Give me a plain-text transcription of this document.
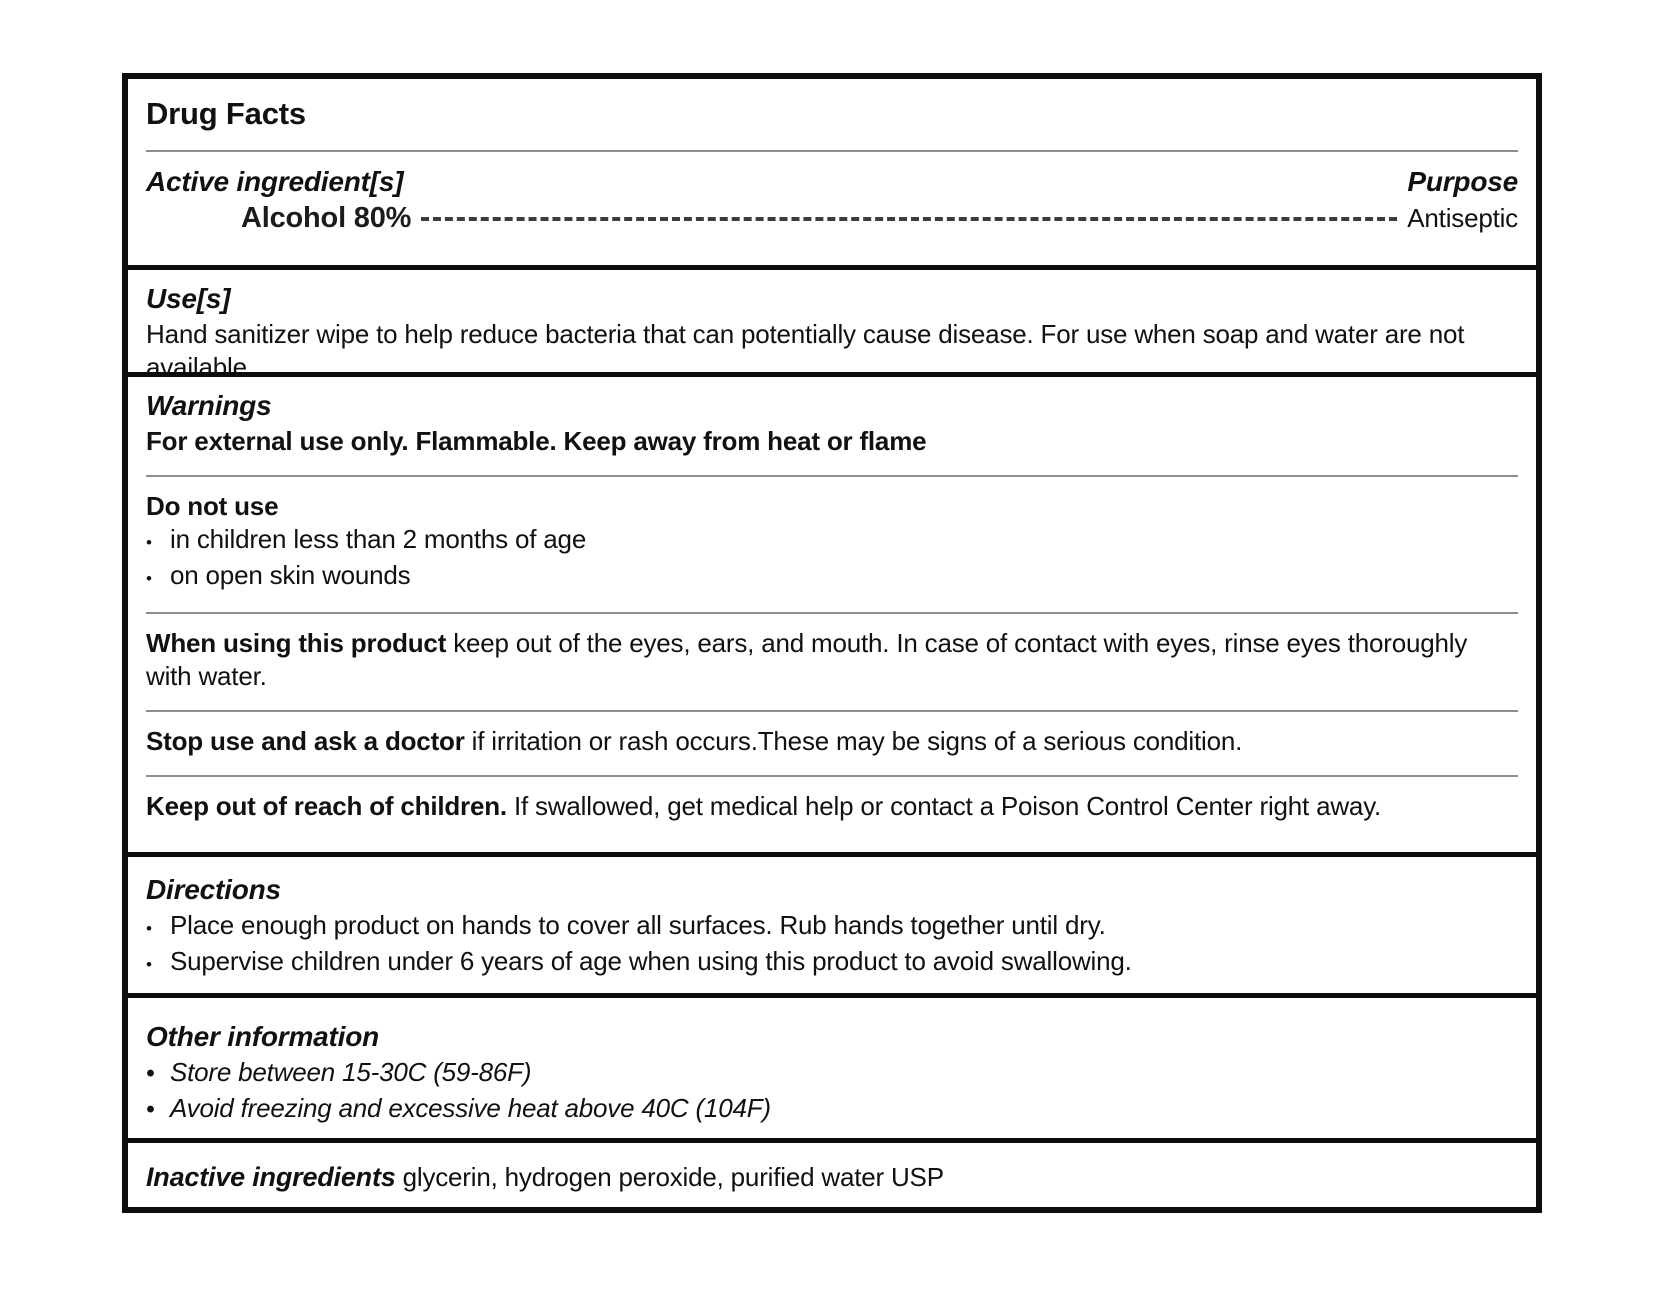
Drug Facts
Active ingredient[s]	Purpose
Alcohol 80%	Antiseptic
Use[s]
Hand sanitizer wipe to help reduce bacteria that can potentially cause disease. For use when soap and water are not available.
Warnings
For external use only. Flammable. Keep away from heat or flame
Do not use
• in children less than 2 months of age
• on open skin wounds
When using this product keep out of the eyes, ears, and mouth. In case of contact with eyes, rinse eyes thoroughly with water.
Stop use and ask a doctor if irritation or rash occurs.These may be signs of a serious condition.
Keep out of reach of children. If swallowed, get medical help or contact a Poison Control Center right away.
Directions
• Place enough product on hands to cover all surfaces. Rub hands together until dry.
• Supervise children under 6 years of age when using this product to avoid swallowing.
Other information
• Store between 15-30C (59-86F)
• Avoid freezing and excessive heat above 40C (104F)
Inactive ingredients glycerin, hydrogen peroxide, purified water USP
